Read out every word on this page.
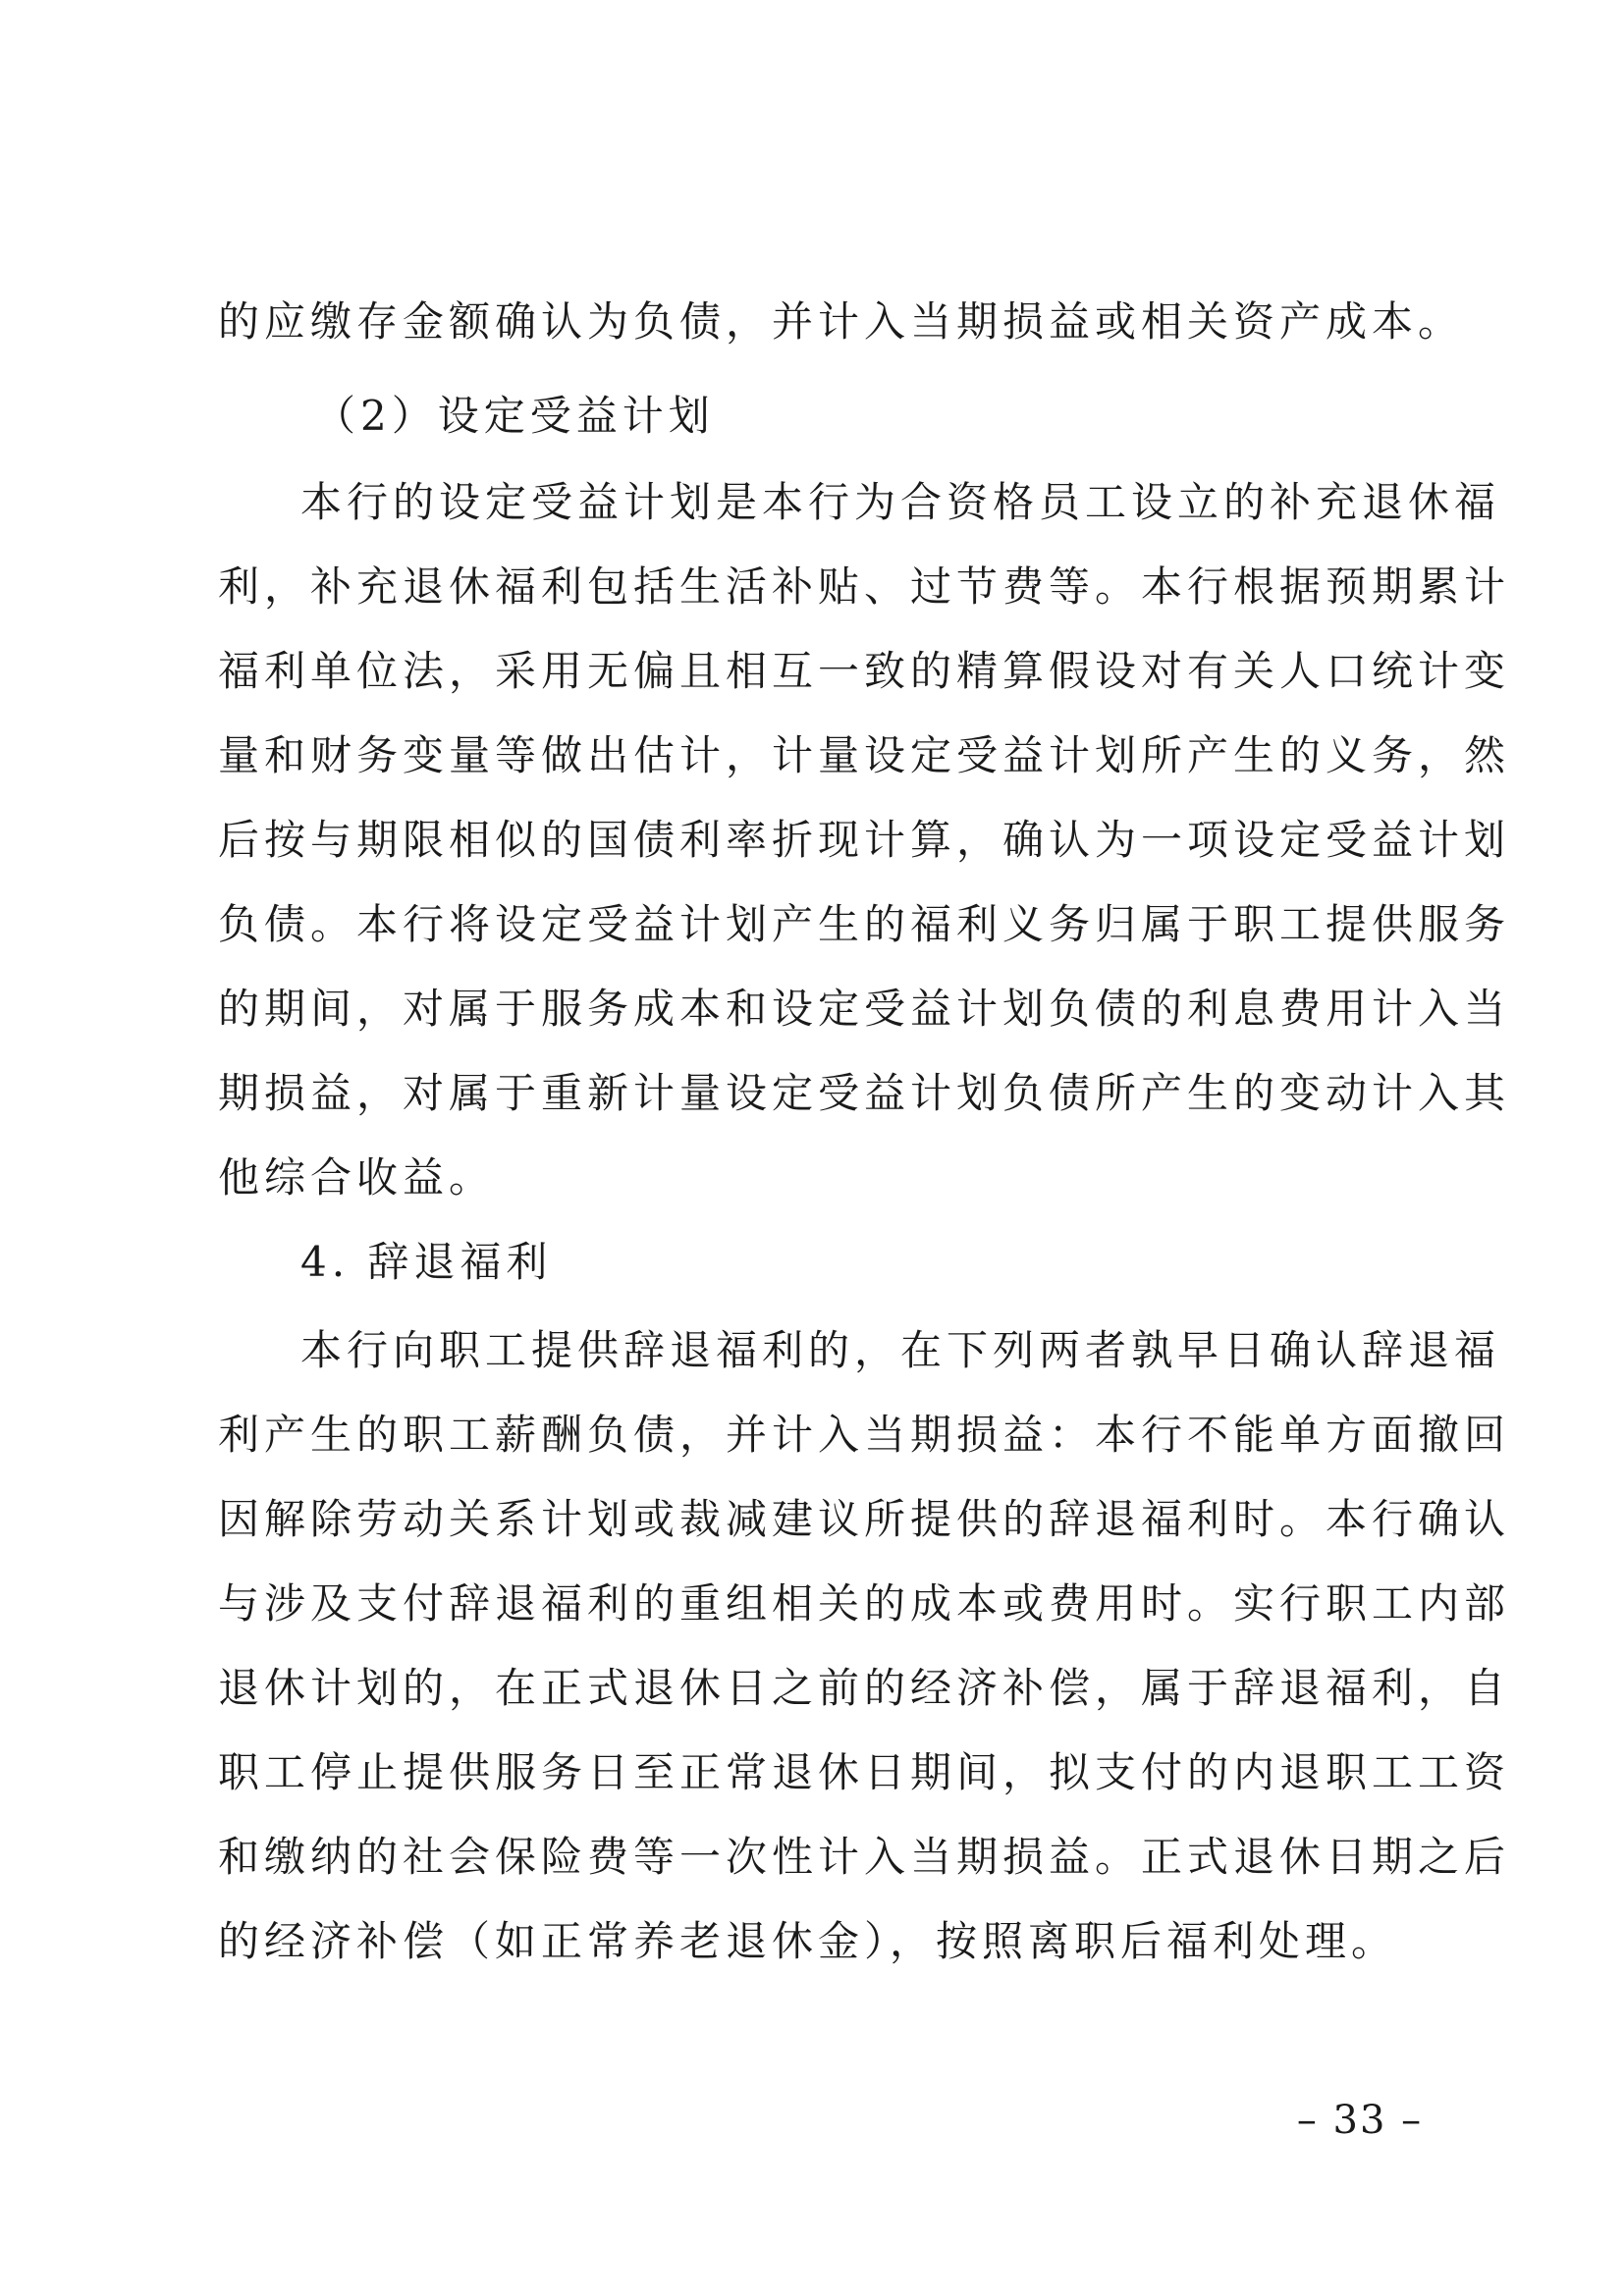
的应缴存金额确认为负债，并计入当期损益或相关资产成本。
（2）设定受益计划
本行的设定受益计划是本行为合资格员工设立的补充退休福
利，补充退休福利包括生活补贴、过节费等。本行根据预期累计
福利单位法，采用无偏且相互一致的精算假设对有关人口统计变
量和财务变量等做出估计，计量设定受益计划所产生的义务，然
后按与期限相似的国债利率折现计算，确认为一项设定受益计划
负债。本行将设定受益计划产生的福利义务归属于职工提供服务
的期间，对属于服务成本和设定受益计划负债的利息费用计入当
期损益，对属于重新计量设定受益计划负债所产生的变动计入其
他综合收益。
4. 辞退福利
本行向职工提供辞退福利的，在下列两者孰早日确认辞退福
利产生的职工薪酬负债，并计入当期损益：本行不能单方面撤回
因解除劳动关系计划或裁减建议所提供的辞退福利时。本行确认
与涉及支付辞退福利的重组相关的成本或费用时。实行职工内部
退休计划的，在正式退休日之前的经济补偿，属于辞退福利，自
职工停止提供服务日至正常退休日期间，拟支付的内退职工工资
和缴纳的社会保险费等一次性计入当期损益。正式退休日期之后
的经济补偿（如正常养老退休金），按照离职后福利处理。
– 33 –
